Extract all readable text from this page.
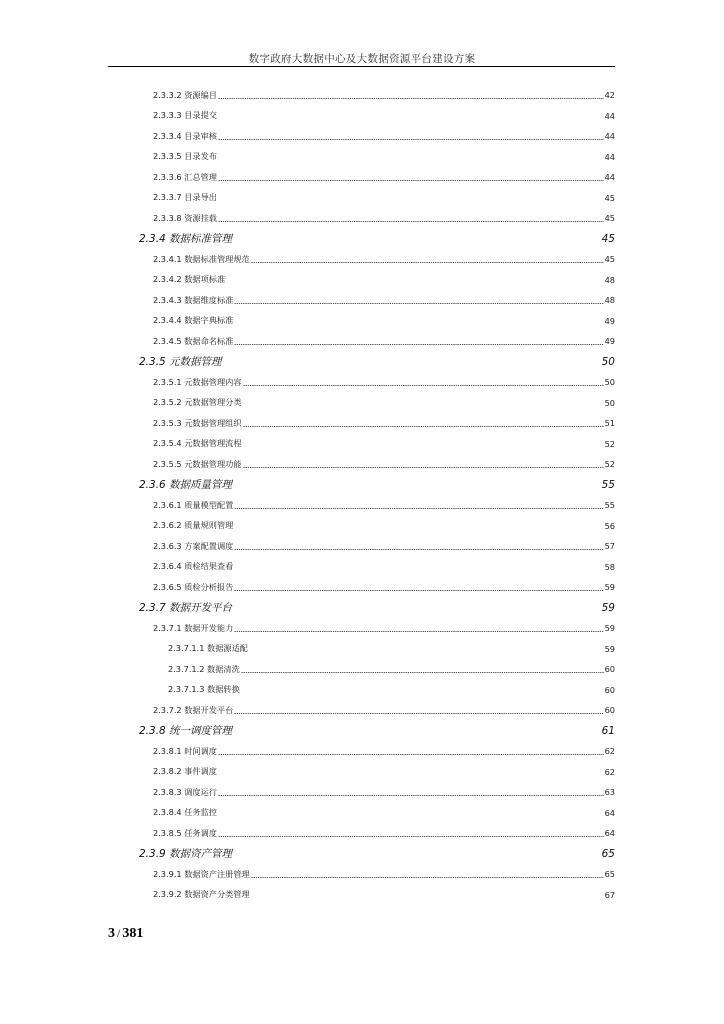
数字政府大数据中心及大数据资源平台建设方案
2.3.3.2 资源编目	42
2.3.3.3 目录提交	44
2.3.3.4 目录审核	44
2.3.3.5 目录发布	44
2.3.3.6 汇总管理	44
2.3.3.7 目录导出	45
2.3.3.8 资源挂载	45
2.3.4 数据标准管理	45
2.3.4.1 数据标准管理规范	45
2.3.4.2 数据项标准	48
2.3.4.3 数据维度标准	48
2.3.4.4 数据字典标准	49
2.3.4.5 数据命名标准	49
2.3.5 元数据管理	50
2.3.5.1 元数据管理内容	50
2.3.5.2 元数据管理分类	50
2.3.5.3 元数据管理组织	51
2.3.5.4 元数据管理流程	52
2.3.5.5 元数据管理功能	52
2.3.6 数据质量管理	55
2.3.6.1 质量模型配置	55
2.3.6.2 质量规则管理	56
2.3.6.3 方案配置调度	57
2.3.6.4 质检结果查看	58
2.3.6.5 质检分析报告	59
2.3.7 数据开发平台	59
2.3.7.1 数据开发能力	59
2.3.7.1.1 数据源适配	59
2.3.7.1.2 数据清洗	60
2.3.7.1.3 数据转换	60
2.3.7.2 数据开发平台	60
2.3.8 统一调度管理	61
2.3.8.1 时间调度	62
2.3.8.2 事件调度	62
2.3.8.3 调度运行	63
2.3.8.4 任务监控	64
2.3.8.5 任务调度	64
2.3.9 数据资产管理	65
2.3.9.1 数据资产注册管理	65
2.3.9.2 数据资产分类管理	67
3 / 381
